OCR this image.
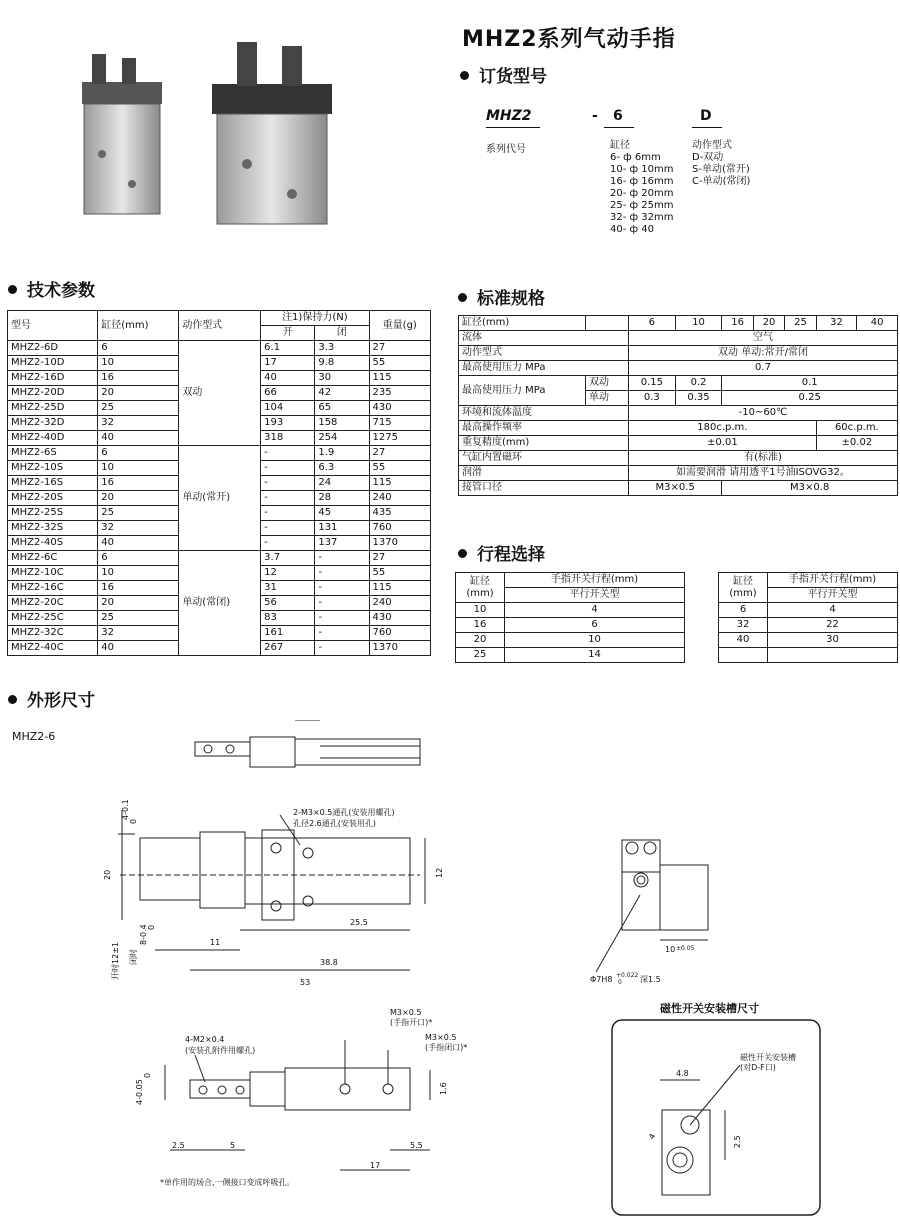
MHZ2系列气动手指
订货型号
MHZ2	- 6	D
系列代号	缸径
6- ф 6mm
10- ф 10mm
16- ф 16mm
20- ф 20mm
25- ф 25mm
32- ф 32mm
40- ф 40
动作型式
D-双动
S-单动(常开)
C-单动(常闭)
技术参数
型号	缸径(mm)	动作型式	注1)保持力(N)		重量(g)
			开	闭	
MHZ2-6D	6	双动	6.1	3.3	27
MHZ2-10D	10		17	9.8	55
MHZ2-16D	16		40	30	115
MHZ2-20D	20		66	42	235
MHZ2-25D	25		104	65	430
MHZ2-32D	32		193	158	715
MHZ2-40D	40		318	254	1275
MHZ2-6S	6	单动(常开)	-	1.9	27
MHZ2-10S	10		-	6.3	55
MHZ2-16S	16		-	24	115
MHZ2-20S	20		-	28	240
MHZ2-25S	25		-	45	435
MHZ2-32S	32		-	131	760
MHZ2-40S	40		-	137	1370
MHZ2-6C	6	单动(常闭)	3.7	-	27
MHZ2-10C	10		12	-	55
MHZ2-16C	16		31	-	115
MHZ2-20C	20		56	-	240
MHZ2-25C	25		83	-	430
MHZ2-32C	32		161	-	760
MHZ2-40C	40		267	-	1370
标准规格
缸径(mm)		6	10	16	20	25	32	40
流体		空气						
动作型式		双动 单动:常开/常闭						
最高使用压力 MPa		0.7						
最高使用压力 MPa	双动	0.15	0.2	0.1				
	单动	0.3	0.35	0.25				
环境和流体温度		-10~60℃						
最高操作频率		180c.p.m.					60c.p.m.	
重复精度(mm)		±0.01					±0.02	
气缸内置磁环		有(标准)						
润滑		如需要润滑 请用透平1号油ISOVG32。						
接管口径		M3×0.5		M3×0.8				
行程选择
缸径
(mm)	手指开关行程(mm)
	平行开关型
10	4
16	6
20	10
25	14
缸径
(mm)	手指开关行程(mm)
	平行开关型
6	4
32	22
40	30

外形尺寸
MHZ2-6
4-0.1
0
20	12
11
25.5
38.8
53
开时12±1 闭时
8-0.4 0
2-M3×0.5通孔(安装用螺孔)
孔径2.6通孔(安装用孔)
10 ±0.05
Φ7H8 +0.022
0 深1.5
M3×0.5
(手指开口)*
M3×0.5
(手指闭口)*
4-M2×0.4
(安装孔附件用螺孔)
4-0.05
0
1.6
2.5	5
17
5.5
*单作用的场合,一侧接口变成呼吸孔。
磁性开关安装槽尺寸
磁性开关安装槽
(对D-F口)
4.8
4	2.5
